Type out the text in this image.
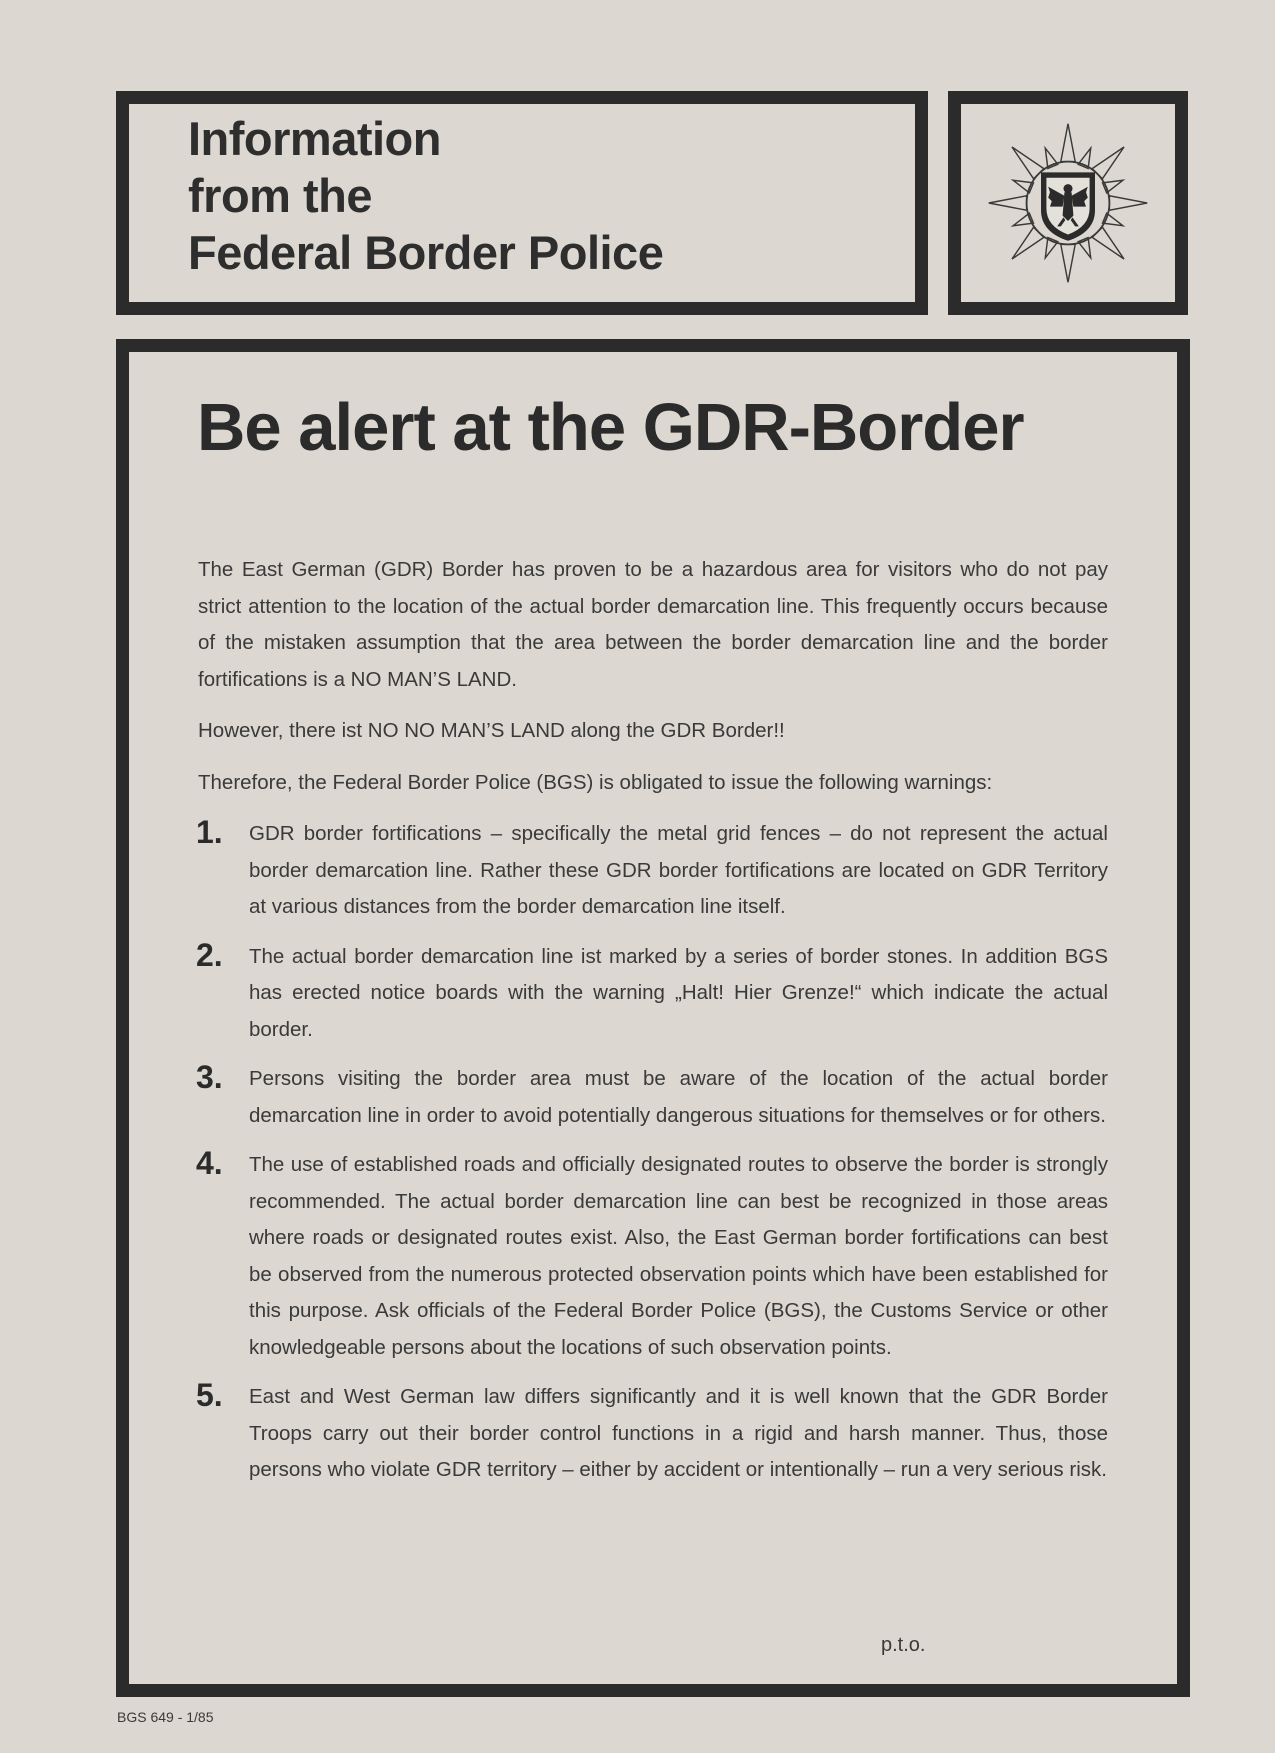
Information
from the
Federal Border Police
Be alert at the GDR-Border

The East German (GDR) Border has proven to be a hazardous area for visitors who do not pay strict attention to the location of the actual border demarcation line. This frequently occurs because of the mistaken assumption that the area between the border demarcation line and the border fortifications is a NO MAN’S LAND.

However, there ist NO NO MAN’S LAND along the GDR Border!!

Therefore, the Federal Border Police (BGS) is obligated to issue the following warnings:

1. GDR border fortifications – specifically the metal grid fences – do not represent the actual border demarcation line. Rather these GDR border fortifications are located on GDR Territory at various distances from the border demarcation line itself.
2. The actual border demarcation line ist marked by a series of border stones. In addition BGS has erected notice boards with the warning „Halt! Hier Grenze!“ which indicate the actual border.
3. Persons visiting the border area must be aware of the location of the actual border demarcation line in order to avoid potentially dangerous situations for themselves or for others.
4. The use of established roads and officially designated routes to observe the border is strongly recommended. The actual border demarcation line can best be recognized in those areas where roads or designated routes exist. Also, the East German border fortifications can best be observed from the numerous protected observation points which have been established for this purpose. Ask officials of the Federal Border Police (BGS), the Customs Service or other knowledgeable persons about the locations of such observation points.
5. East and West German law differs significantly and it is well known that the GDR Border Troops carry out their border control functions in a rigid and harsh manner. Thus, those persons who violate GDR territory – either by accident or intentionally – run a very serious risk.
p.t.o.
BGS 649 - 1/85
